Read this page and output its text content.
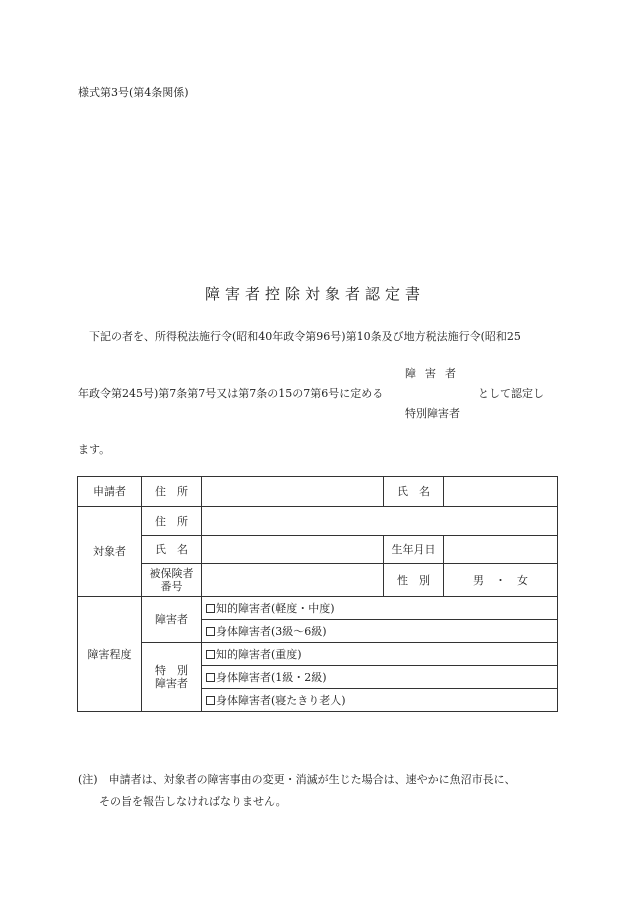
様式第3号(第4条関係)
障害者控除対象者認定書
下記の者を、所得税法施行令(昭和40年政令第96号)第10条及び地方税法施行令(昭和25
障害者
年政令第245号)第7条第7号又は第7条の15の7第6号に定める	として認定し
特別障害者
ます。
申請者	住　所		氏　名	
対象者	住　所			
	氏　名		生年月日	

	被保険者
番号		性　別	男　・　女
障害程度	障害者	知的障害者(軽度・中度)		
		身体障害者(3級～6級)		

	特　別
障害者	知的障害者(重度)		
		身体障害者(1級・2級)		
		身体障害者(寝たきり老人)		
(注)　申請者は、対象者の障害事由の変更・消滅が生じた場合は、速やかに魚沼市長に、
その旨を報告しなければなりません。
